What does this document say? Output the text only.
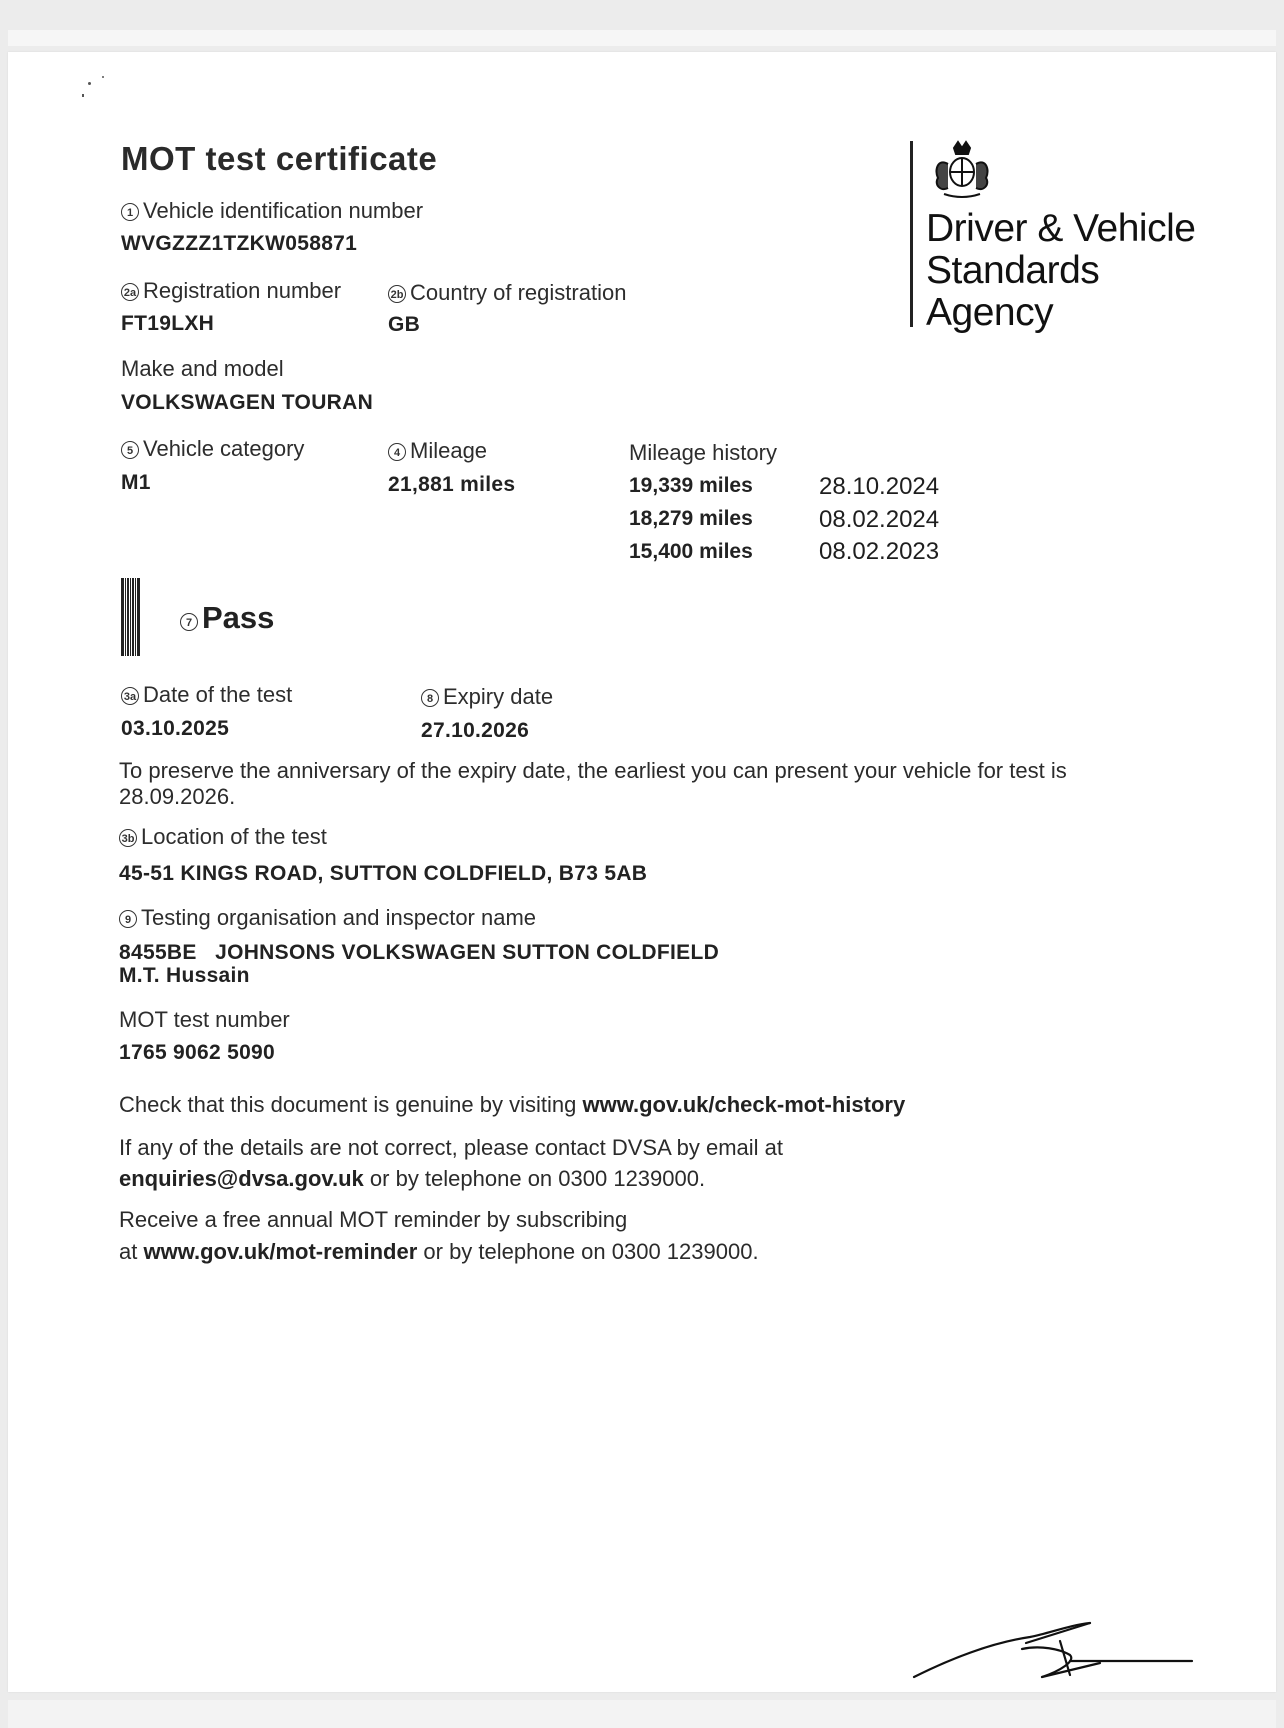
MOT test certificate
Driver & Vehicle
Standards
Agency
1 Vehicle identification number
WVGZZZ1TZKW058871
2a Registration number
FT19LXH
2b Country of registration
GB
Make and model
VOLKSWAGEN TOURAN
5 Vehicle category
M1
4 Mileage
21,881 miles
Mileage history
19,339 miles	28.10.2024
18,279 miles	08.02.2024
15,400 miles	08.02.2023
7 Pass
3a Date of the test
03.10.2025
8 Expiry date
27.10.2026
To preserve the anniversary of the expiry date, the earliest you can present your vehicle for test is
28.09.2026.
3b Location of the test
45-51 KINGS ROAD, SUTTON COLDFIELD, B73 5AB
9 Testing organisation and inspector name
8455BE   JOHNSONS VOLKSWAGEN SUTTON COLDFIELD
M.T. Hussain
MOT test number
1765 9062 5090
Check that this document is genuine by visiting www.gov.uk/check-mot-history
If any of the details are not correct, please contact DVSA by email at
enquiries@dvsa.gov.uk or by telephone on 0300 1239000.
Receive a free annual MOT reminder by subscribing
at www.gov.uk/mot-reminder or by telephone on 0300 1239000.
